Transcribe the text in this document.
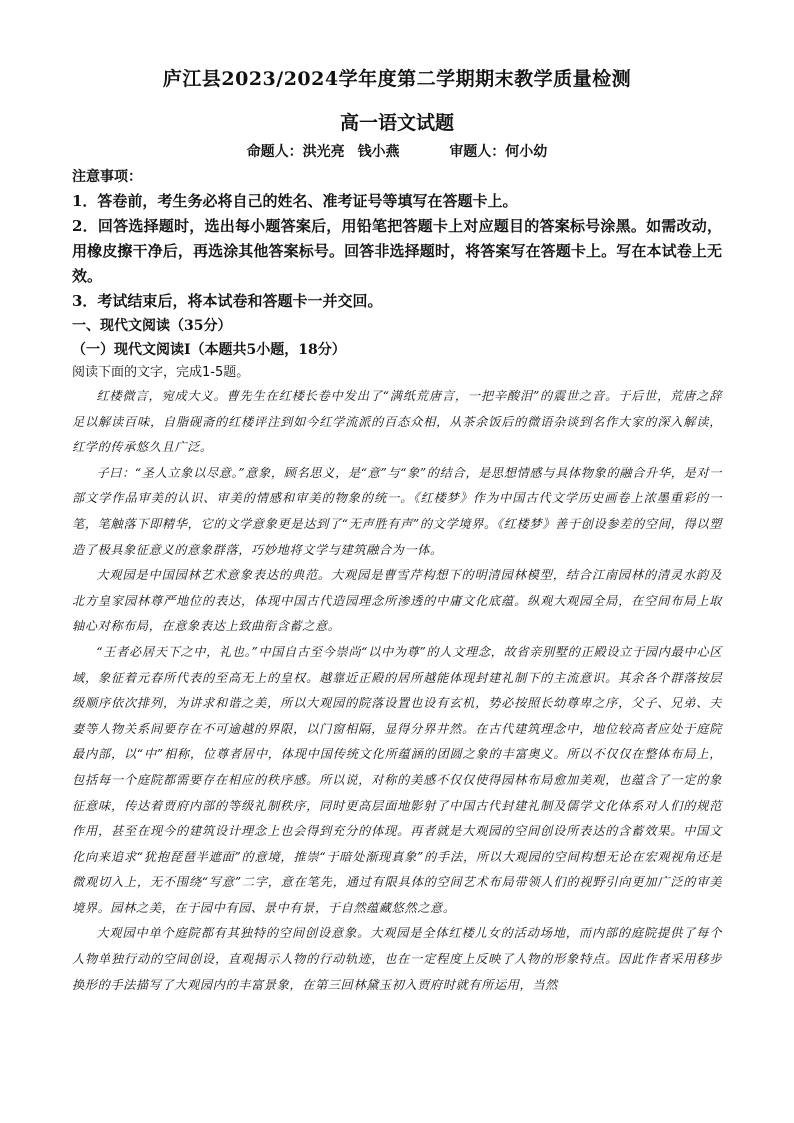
庐江县2023/2024学年度第二学期期末教学质量检测
高一语文试题
命题人：洪光亮 钱小燕	审题人：何小幼
注意事项：

1．答卷前，考生务必将自己的姓名、准考证号等填写在答题卡上。

2．回答选择题时，选出每小题答案后，用铅笔把答题卡上对应题目的答案标号涂黑。如需改动，用橡皮擦干净后，再选涂其他答案标号。回答非选择题时，将答案写在答题卡上。写在本试卷上无效。

3．考试结束后，将本试卷和答题卡一并交回。

一、现代文阅读（35分）
（一）现代文阅读Ⅰ（本题共5小题，18分）
阅读下面的文字，完成1-5题。

红楼微言，宛成大义。曹先生在红楼长卷中发出了“满纸荒唐言，一把辛酸泪”的震世之音。于后世，荒唐之辞足以解读百味，自脂砚斋的红楼评注到如今红学流派的百态众相，从茶余饭后的微语杂谈到名作大家的深入解读，红学的传承悠久且广泛。

子曰：“圣人立象以尽意。”意象，顾名思义，是“意”与“象”的结合，是思想情感与具体物象的融合升华，是对一部文学作品审美的认识、审美的情感和审美的物象的统一。《红楼梦》作为中国古代文学历史画卷上浓墨重彩的一笔，笔触落下即精华，它的文学意象更是达到了“无声胜有声”的文学境界。《红楼梦》善于创设参差的空间，得以塑造了极具象征意义的意象群落，巧妙地将文学与建筑融合为一体。

大观园是中国园林艺术意象表达的典范。大观园是曹雪芹构想下的明清园林模型，结合江南园林的清灵水韵及北方皇家园林尊严地位的表达，体现中国古代造园理念所渗透的中庸文化底蕴。纵观大观园全局，在空间布局上取轴心对称布局，在意象表达上致曲衔含蓄之意。

“王者必居天下之中，礼也。”中国自古至今崇尚“以中为尊”的人文理念，故省亲别墅的正殿设立于园内最中心区域，象征着元春所代表的至高无上的皇权。越靠近正殿的居所越能体现封建礼制下的主流意识。其余各个群落按层级顺序依次排列，为讲求和谐之美，所以大观园的院落设置也设有玄机，势必按照长幼尊卑之序，父子、兄弟、夫妻等人物关系间要存在不可逾越的界限，以门窗相隔，显得分界井然。在古代建筑理念中，地位较高者应处于庭院最内部，以“中”相称，位尊者居中，体现中国传统文化所蕴涵的团圆之象的丰富奥义。所以不仅仅在整体布局上，包括每一个庭院都需要存在相应的秩序感。所以说，对称的美感不仅仅使得园林布局愈加美观，也蕴含了一定的象征意味，传达着贾府内部的等级礼制秩序，同时更高层面地影射了中国古代封建礼制及儒学文化体系对人们的规范作用，甚至在现今的建筑设计理念上也会得到充分的体现。再者就是大观园的空间创设所表达的含蓄效果。中国文化向来追求“犹抱琵琶半遮面”的意境，推崇“于暗处渐现真象”的手法，所以大观园的空间构想无论在宏观视角还是微观切入上，无不围绕“写意”二字，意在笔先，通过有限具体的空间艺术布局带领人们的视野引向更加广泛的审美境界。园林之美，在于园中有园、景中有景，于自然蕴藏悠然之意。

大观园中单个庭院都有其独特的空间创设意象。大观园是全体红楼儿女的活动场地，而内部的庭院提供了每个人物单独行动的空间创设，直观揭示人物的行动轨迹，也在一定程度上反映了人物的形象特点。因此作者采用移步换形的手法描写了大观园内的丰富景象，在第三回林黛玉初入贾府时就有所运用，当然
